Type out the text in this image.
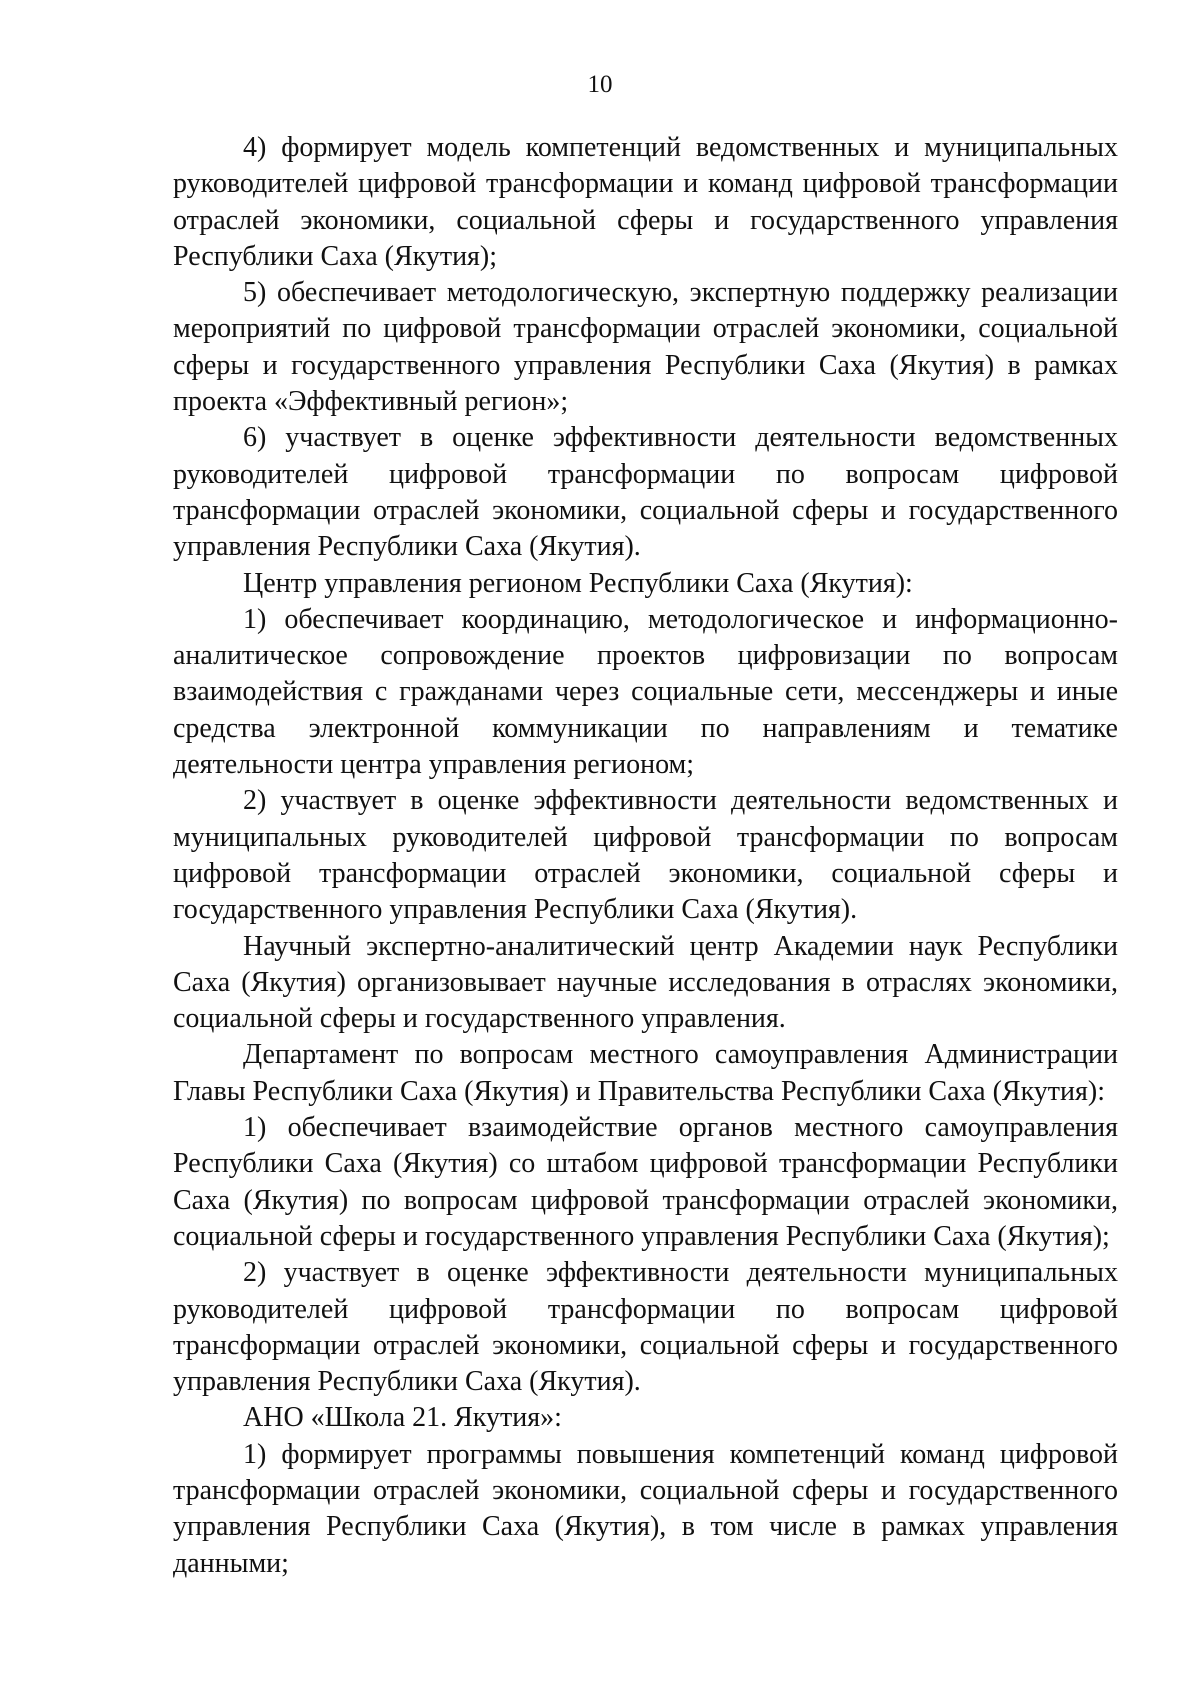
10

4) формирует модель компетенций ведомственных и муниципальных руководителей цифровой трансформации и команд цифровой трансформации отраслей экономики, социальной сферы и государственного управления Республики Саха (Якутия);

5) обеспечивает методологическую, экспертную поддержку реализации мероприятий по цифровой трансформации отраслей экономики, социальной сферы и государственного управления Республики Саха (Якутия) в рамках проекта «Эффективный регион»;

6) участвует в оценке эффективности деятельности ведомственных руководителей цифровой трансформации по вопросам цифровой трансформации отраслей экономики, социальной сферы и государственного управления Республики Саха (Якутия).

Центр управления регионом Республики Саха (Якутия):

1) обеспечивает координацию, методологическое и информационно-аналитическое сопровождение проектов цифровизации по вопросам взаимодействия с гражданами через социальные сети, мессенджеры и иные средства электронной коммуникации по направлениям и тематике деятельности центра управления регионом;

2) участвует в оценке эффективности деятельности ведомственных и муниципальных руководителей цифровой трансформации по вопросам цифровой трансформации отраслей экономики, социальной сферы и государственного управления Республики Саха (Якутия).

Научный экспертно-аналитический центр Академии наук Республики Саха (Якутия) организовывает научные исследования в отраслях экономики, социальной сферы и государственного управления.

Департамент по вопросам местного самоуправления Администрации Главы Республики Саха (Якутия) и Правительства Республики Саха (Якутия):

1) обеспечивает взаимодействие органов местного самоуправления Республики Саха (Якутия) со штабом цифровой трансформации Республики Саха (Якутия) по вопросам цифровой трансформации отраслей экономики, социальной сферы и государственного управления Республики Саха (Якутия);

2) участвует в оценке эффективности деятельности муниципальных руководителей цифровой трансформации по вопросам цифровой трансформации отраслей экономики, социальной сферы и государственного управления Республики Саха (Якутия).

АНО «Школа 21. Якутия»:

1) формирует программы повышения компетенций команд цифровой трансформации отраслей экономики, социальной сферы и государственного управления Республики Саха (Якутия), в том числе в рамках управления данными;
